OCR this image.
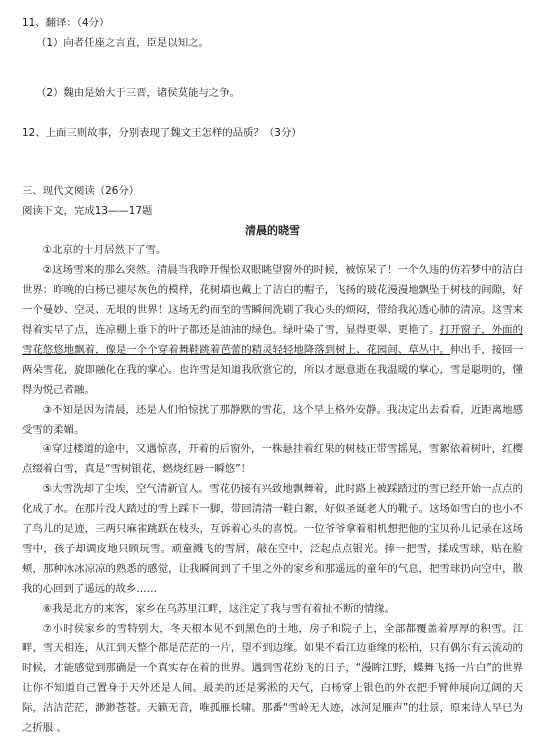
11、翻译：（4分）
（1）向者任座之言直，臣是以知之。
（2）魏由是始大于三晋，诸侯莫能与之争。
12、上面三则故事，分别表现了魏文王怎样的品质？（3分）
三、现代文阅读（26分）
阅读下文，完成13——17题
清晨的晓雪

①北京的十月居然下了雪。

②这场雪来的那么突然。清晨当我睁开惺忪双眼眺望窗外的时候，被惊呆了！一个久违的仿若梦中的洁白世界：昨晚的白杨已褪尽灰色的模样，花树墙也戴上了洁白的帽子，飞扬的玻花漫漫地飘坠于树枝的间隙，好一个曼妙、空灵、无垠的世界！这场无约而至的雪瞬间洗刷了我心头的烦闷，带给我沁透心肺的清凉。这雪来得着实早了点，连凉棚上垂下的叶子都还是油油的绿色。绿叶染了雪，显得更翠、更艳了。打开窗子，外面的雪花悠悠地飘着，像是一个个穿着舞鞋跳着芭蕾的精灵轻轻地降落到树上、花园间、草丛中。伸出手，接回一两朵雪花，旋即融化在我的掌心。也许雪是知道我欣赏它的，所以才愿意逝在我温暖的掌心，雪是聪明的，懂得为悦己者融。

③不知是因为清晨，还是人们怕惊扰了那静默的雪花，这个早上格外安静。我决定出去看看，近距离地感受雪的柔媚。

④穿过楼道的途中，又遇惊喜，开着的后窗外，一株悬挂着红果的树枝正带雪摇晃，雪絮依着树叶，红樱点缀着白雪，真是“雪树银花，燃烧红唇一瞬悠”！

⑤大雪洗却了尘埃，空气清新宜人。雪花仍接有兴致地飘舞着，此时路上被踩踏过的雪已经开始一点点的化成了水。在那片没人踏过的雪上踩下一脚，带回清清一鞋白絮，好似圣诞老人的靴子。这场如雪白的也小不了鸟儿的足迹，三两只麻雀跳跃在枝头，互诉着心头的喜悦。一位爷爷拿着相机想把他的宝贝孙儿记录在这场雪中，孩子却调皮地只顾玩雪。顽童溅飞的雪屑，敲在空中，泛起点点银光。捧一把雪，揉成雪球，贴在脸颊，那种冰冰凉凉的熟悉的感觉，让我瞬间到了千里之外的家乡和那遥远的童年的气息，把雪球扔向空中，散我的心回到了遥远的故乡……

⑥我是北方的来客，家乡在乌苏里江畔，这注定了我与雪有着扯不断的情缘。

⑦小时侯家乡的雪特别大，冬天根本见不到黑色的土地，房子和院子上，全部都覆盖着厚厚的积雪。江畔，雪天相连，从江到天整个都是茫茫的一片，望不到边缘。如果不看江边垂缘的松柏，只有偶尔有云流动的时候，才能感觉到那确是一个真实存在着的世界。遇到雪花纷飞的日子，“漫眸江野，蝶舞飞扬一片白”的世界让你不知道自己置身于天外还是人间。最美的还是雾淞的天气，白杨穿上银色的外衣把手臂伸展向辽阔的天际，洁洁茫茫，渺渺苍苍。天籁无音，唯孤雁长啸。那番“雪岭无人迹，冰河足雁声”的壮景，原来诗人早已为之折服 。
